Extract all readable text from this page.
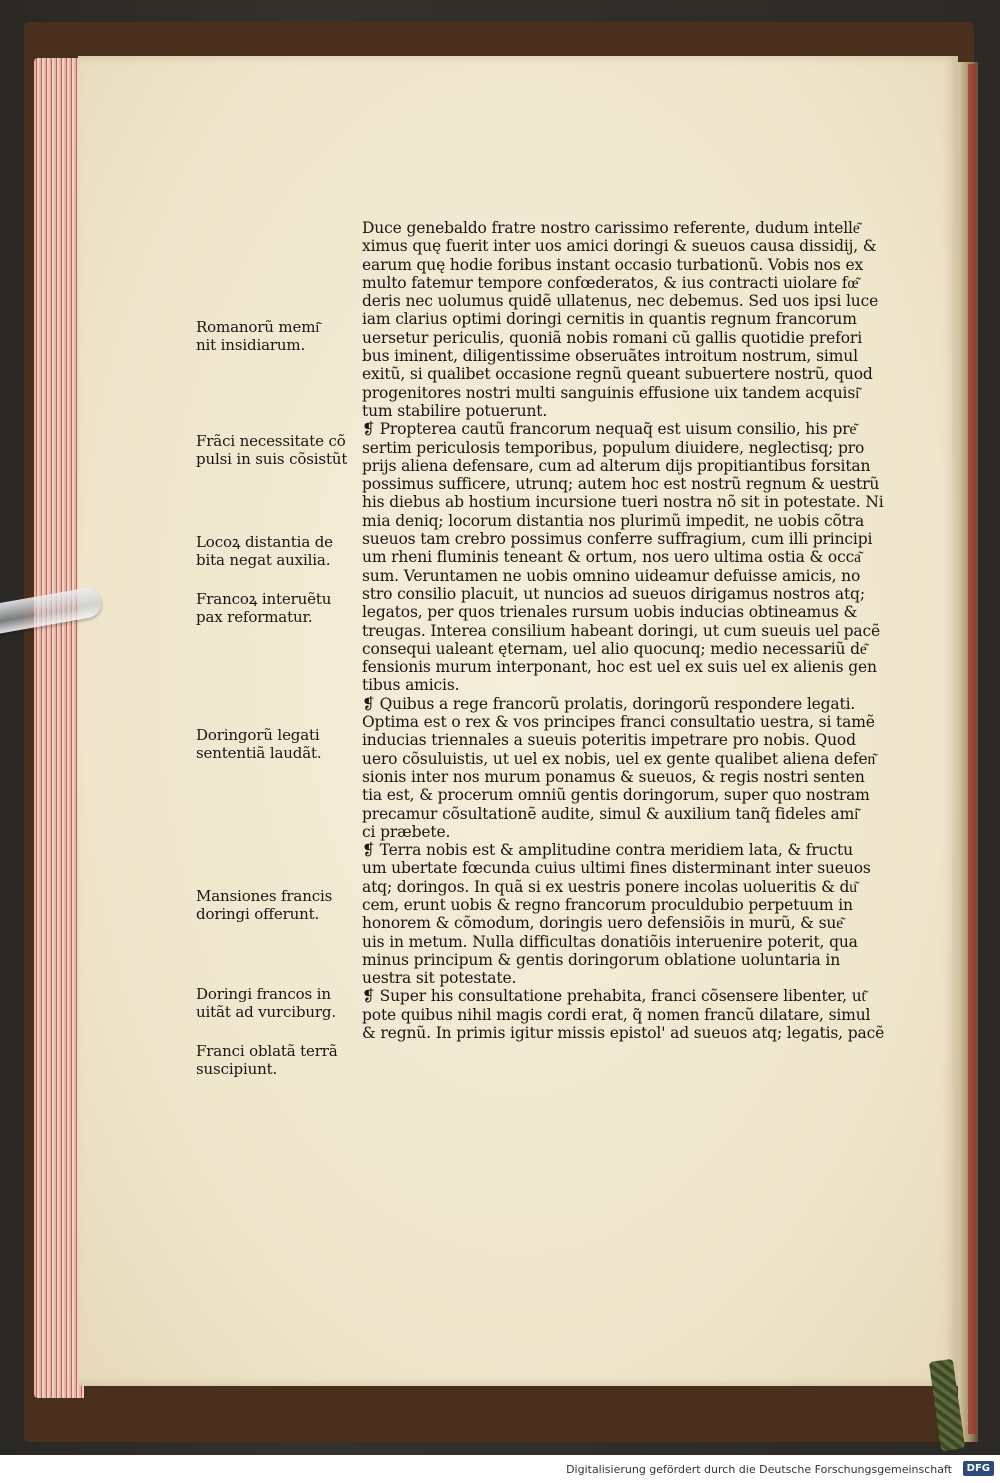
Romanorũ memi͂
nit insidiarum.
Frãci necessitate cõ
pulsi in suis cõsistũt
Locoꝝ distantia de
bita negat auxilia.
Francoꝝ interuẽtu
pax reformatur.
Doringorũ legati
sententiã laudãt.
Mansiones francis
doringi offerunt.
Doringi francos in
uitãt ad vurciburg.
Franci oblatã terrã
suscipiunt.
Duce genebaldo fratre nostro carissimo referente, dudum intelle͂
ximus quę fuerit inter uos amici doringi & sueuos causa dissidij, &
earum quę hodie foribus instant occasio turbationũ. Vobis nos ex
multo fatemur tempore confœderatos, & ius contracti uiolare fœ͂
deris nec uolumus quidẽ ullatenus, nec debemus. Sed uos ipsi luce
iam clarius optimi doringi cernitis in quantis regnum francorum
uersetur periculis, quoniã nobis romani cũ gallis quotidie prefori
bus iminent, diligentissime obseruãtes introitum nostrum, simul
exitũ, si qualibet occasione regnũ queant subuertere nostrũ, quod
progenitores nostri multi sanguinis effusione uix tandem acquisi͂
tum stabilire potuerunt.
❡ Propterea cautũ francorum nequaq̃ est uisum consilio, his pre͂
sertim periculosis temporibus, populum diuidere, neglectisq; pro
prijs aliena defensare, cum ad alterum dijs propitiantibus forsitan
possimus sufficere, utrunq; autem hoc est nostrũ regnum & uestrũ
his diebus ab hostium incursione tueri nostra nõ sit in potestate. Ni
mia deniq; locorum distantia nos plurimũ impedit, ne uobis cõtra
sueuos tam crebro possimus conferre suffragium, cum illi principi
um rheni fluminis teneant & ortum, nos uero ultima ostia & occa͂
sum. Veruntamen ne uobis omnino uideamur defuisse amicis, no
stro consilio placuit, ut nuncios ad sueuos dirigamus nostros atq;
legatos, per quos trienales rursum uobis inducias obtineamus &
treugas. Interea consilium habeant doringi, ut cum sueuis uel pacẽ
consequi ualeant ęternam, uel alio quocunq; medio necessariũ de͂
fensionis murum interponant, hoc est uel ex suis uel ex alienis gen
tibus amicis.
❡ Quibus a rege francorũ prolatis, doringorũ respondere legati.
Optima est o rex & vos principes franci consultatio uestra, si tamẽ
inducias triennales a sueuis poteritis impetrare pro nobis. Quod
uero cõsuluistis, ut uel ex nobis, uel ex gente qualibet aliena defen͂
sionis inter nos murum ponamus & sueuos, & regis nostri senten
tia est, & procerum omniũ gentis doringorum, super quo nostram
precamur cõsultationẽ audite, simul & auxilium tanq̃ fideles ami͂
ci præbete.
❡ Terra nobis est & amplitudine contra meridiem lata, & fructu
um ubertate fœcunda cuius ultimi fines disterminant inter sueuos
atq; doringos. In quã si ex uestris ponere incolas uolueritis & du͂
cem, erunt uobis & regno francorum proculdubio perpetuum in
honorem & cõmodum, doringis uero defensiõis in murũ, & sue͂
uis in metum. Nulla difficultas donatiõis interuenire poterit, qua
minus principum & gentis doringorum oblatione uoluntaria in
uestra sit potestate.
❡ Super his consultatione prehabita, franci cõsensere libenter, ut͂
pote quibus nihil magis cordi erat, q̃ nomen francũ dilatare, simul
& regnũ. In primis igitur missis epistol' ad sueuos atq; legatis, pacẽ
Digitalisierung gefördert durch die Deutsche Forschungsgemeinschaft	DFG
